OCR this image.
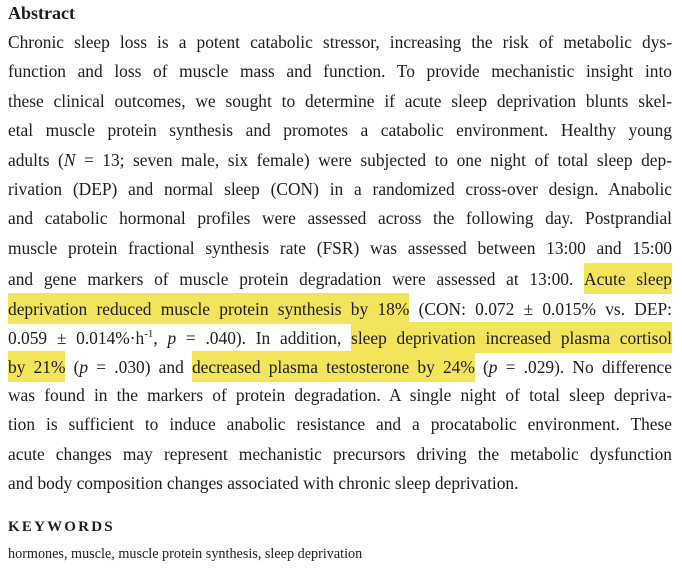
Abstract
Chronic sleep loss is a potent catabolic stressor, increasing the risk of metabolic dys-
function and loss of muscle mass and function. To provide mechanistic insight into
these clinical outcomes, we sought to determine if acute sleep deprivation blunts skel-
etal muscle protein synthesis and promotes a catabolic environment. Healthy young
adults ( N = 13; seven male, six female) were subjected to one night of total sleep dep-
rivation (DEP) and normal sleep (CON) in a randomized cross-over design. Anabolic
and catabolic hormonal profiles were assessed across the following day. Postprandial
muscle protein fractional synthesis rate (FSR) was assessed between 13:00 and 15:00
and gene markers of muscle protein degradation were assessed at 13:00. Acute sleep
deprivation reduced muscle protein synthesis by 18% (CON: 0.072 ± 0.015% vs. DEP:
0.059 ± 0.014%·h -1 , p = .040). In addition, sleep deprivation increased plasma cortisol
by 21% ( p = .030) and decreased plasma testosterone by 24% ( p = .029). No difference
was found in the markers of protein degradation. A single night of total sleep depriva-
tion is sufficient to induce anabolic resistance and a procatabolic environment. These
acute changes may represent mechanistic precursors driving the metabolic dysfunction
and body composition changes associated with chronic sleep deprivation.
KEYWORDS
hormones, muscle, muscle protein synthesis, sleep deprivation
